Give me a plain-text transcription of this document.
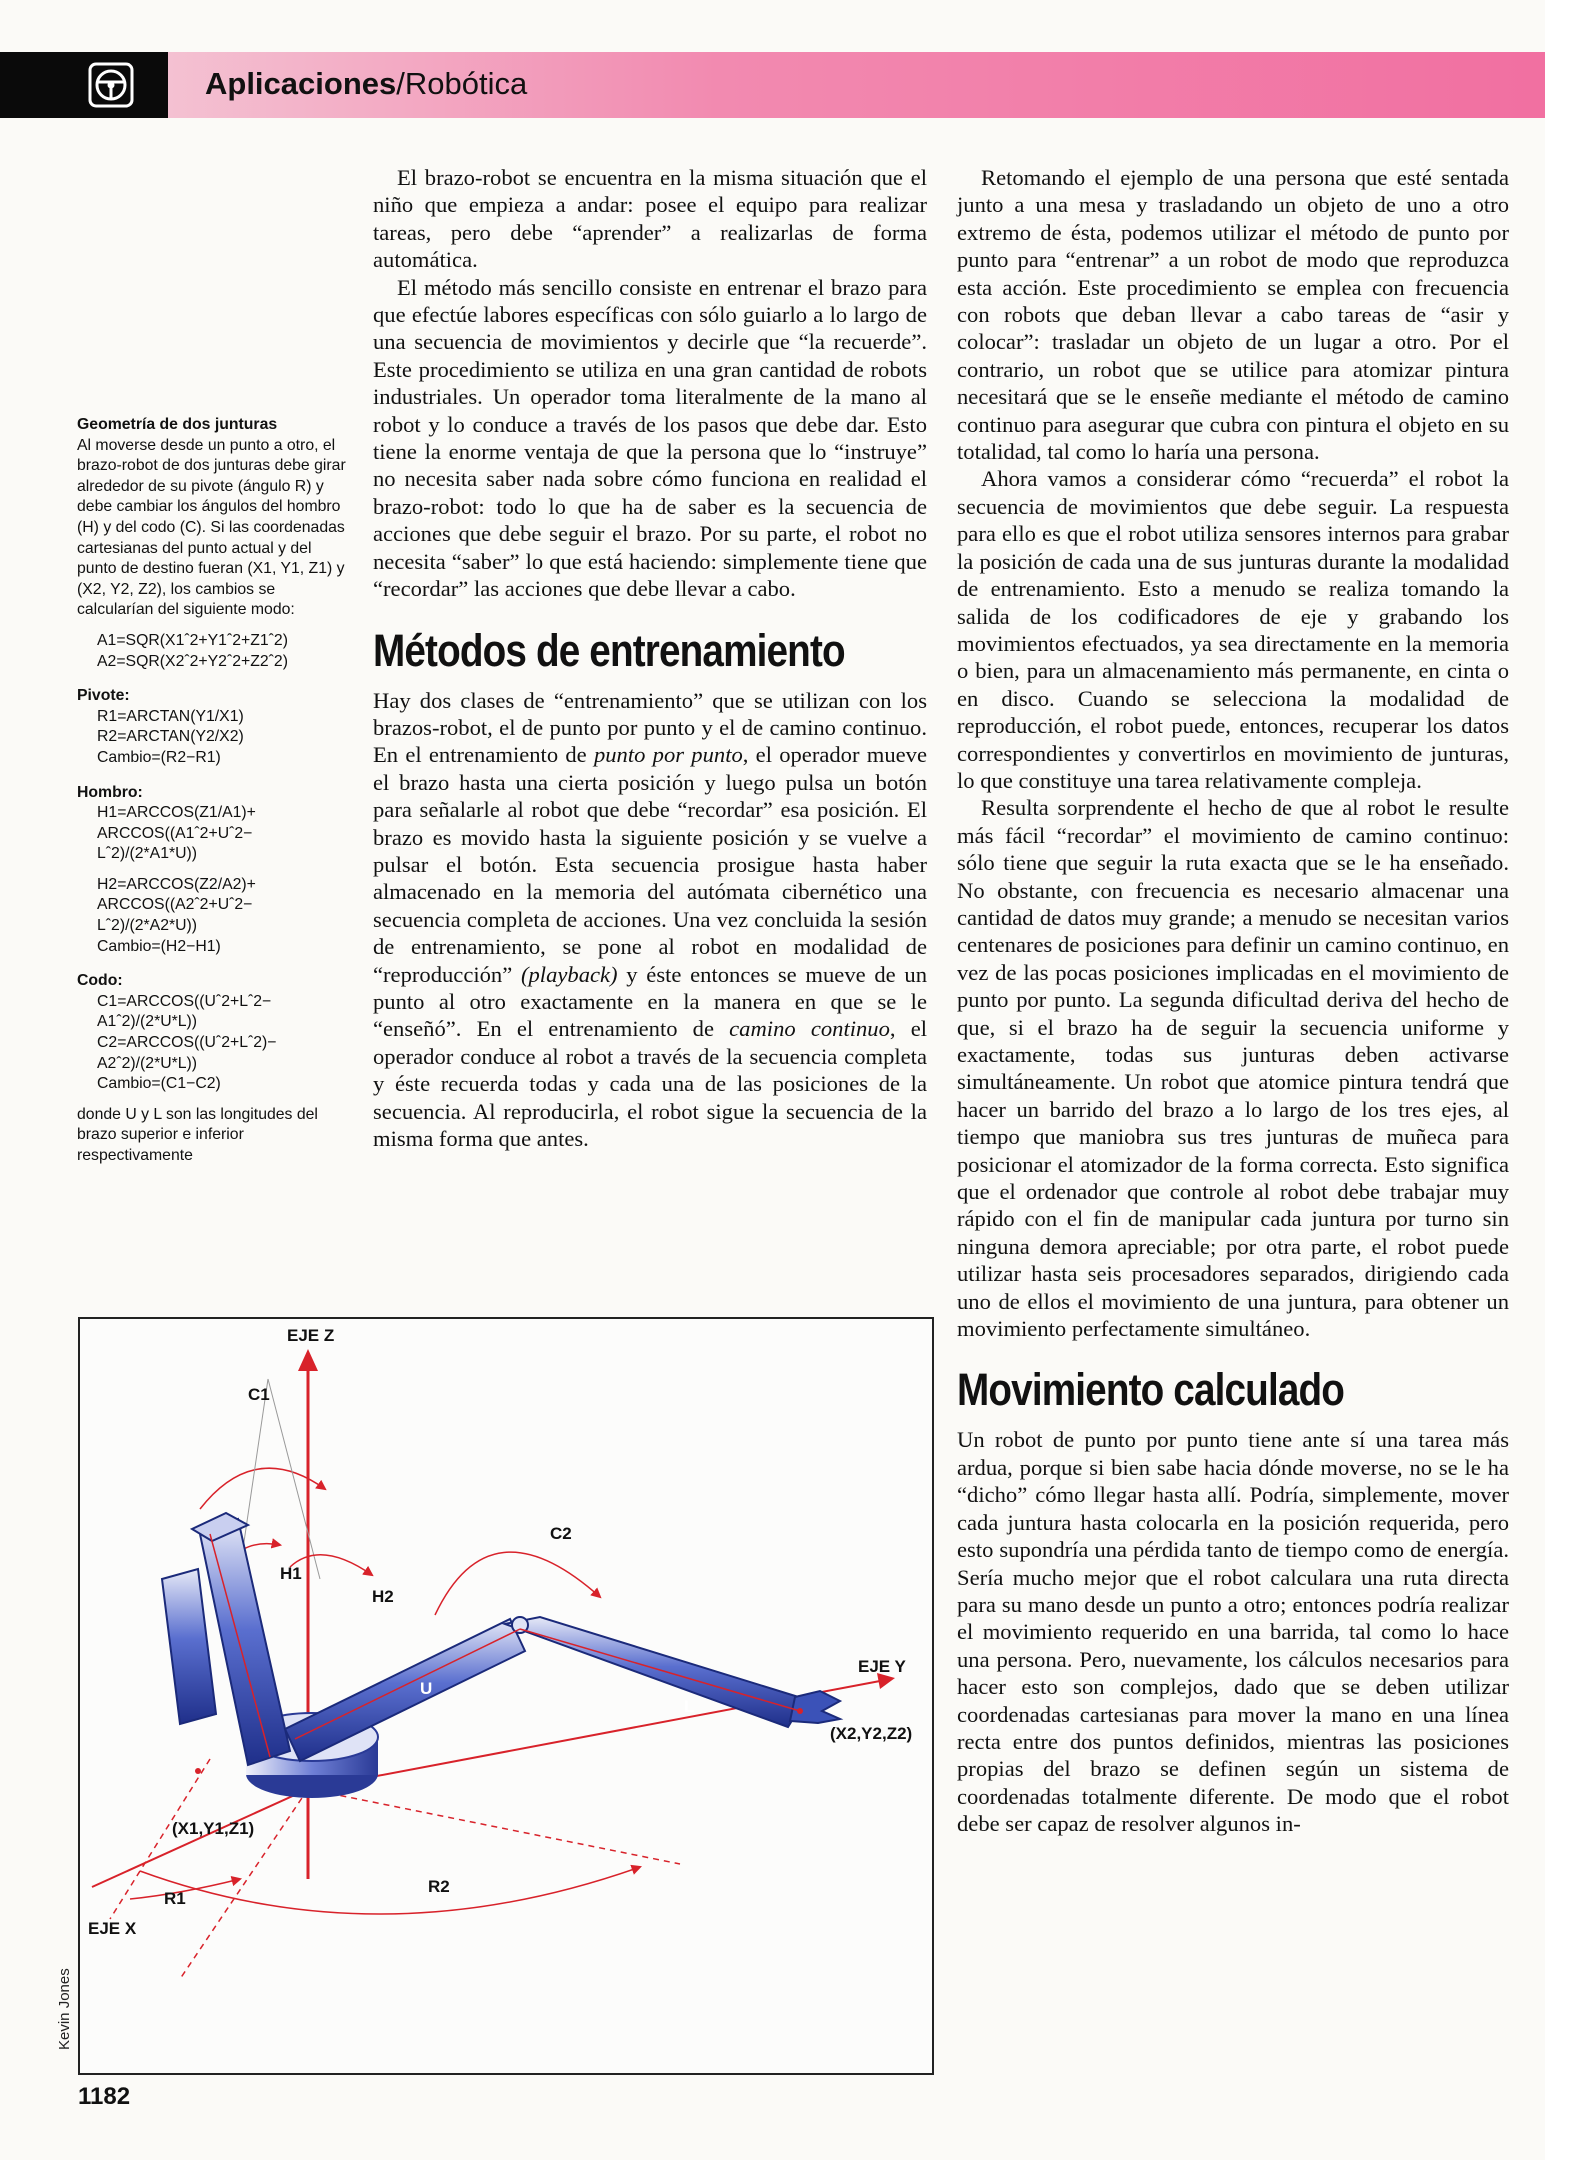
Aplicaciones/Robótica
Geometría de dos junturas
Al moverse desde un punto a otro, el brazo-robot de dos junturas debe girar alrededor de su pivote (ángulo R) y debe cambiar los ángulos del hombro (H) y del codo (C). Si las coordenadas cartesianas del punto actual y del punto de destino fueran (X1, Y1, Z1) y (X2, Y2, Z2), los cambios se calcularían del siguiente modo:
A1=SQR(X1ˆ2+Y1ˆ2+Z1ˆ2)
A2=SQR(X2ˆ2+Y2ˆ2+Z2ˆ2)
Pivote:
R1=ARCTAN(Y1/X1)
R2=ARCTAN(Y2/X2)
Cambio=(R2−R1)
Hombro:
H1=ARCCOS(Z1/A1)+
ARCCOS((A1ˆ2+Uˆ2−
Lˆ2)/(2*A1*U))
H2=ARCCOS(Z2/A2)+
ARCCOS((A2ˆ2+Uˆ2−
Lˆ2)/(2*A2*U))
Cambio=(H2−H1)
Codo:
C1=ARCCOS((Uˆ2+Lˆ2−
A1ˆ2)/(2*U*L))
C2=ARCCOS((Uˆ2+Lˆ2)−
A2ˆ2)/(2*U*L))
Cambio=(C1−C2)
donde U y L son las longitudes del brazo superior e inferior respectivamente

El brazo-robot se encuentra en la misma situación que el niño que empieza a andar: posee el equipo para realizar tareas, pero debe “aprender” a realizarlas de forma automática.

El método más sencillo consiste en entrenar el brazo para que efectúe labores específicas con sólo guiarlo a lo largo de una secuencia de movimientos y decirle que “la recuerde”. Este procedimiento se utiliza en una gran cantidad de robots industriales. Un operador toma literalmente de la mano al robot y lo conduce a través de los pasos que debe dar. Esto tiene la enorme ventaja de que la persona que lo “instruye” no necesita saber nada sobre cómo funciona en realidad el brazo-robot: todo lo que ha de saber es la secuencia de acciones que debe seguir el brazo. Por su parte, el robot no necesita “saber” lo que está haciendo: simplemente tiene que “recordar” las acciones que debe llevar a cabo.

Métodos de entrenamiento

Hay dos clases de “entrenamiento” que se utilizan con los brazos-robot, el de punto por punto y el de camino continuo. En el entrenamiento de punto por punto, el operador mueve el brazo hasta una cierta posición y luego pulsa un botón para señalarle al robot que debe “recordar” esa posición. El brazo es movido hasta la siguiente posición y se vuelve a pulsar el botón. Esta secuencia prosigue hasta haber almacenado en la memoria del autómata cibernético una secuencia completa de acciones. Una vez concluida la sesión de entrenamiento, se pone al robot en modalidad de “reproducción” (playback) y éste entonces se mueve de un punto al otro exactamente en la manera en que se le “enseñó”. En el entrenamiento de camino continuo, el operador conduce al robot a través de la secuencia completa y éste recuerda todas y cada una de las posiciones de la secuencia. Al reproducirla, el robot sigue la secuencia de la misma forma que antes.

Retomando el ejemplo de una persona que esté sentada junto a una mesa y trasladando un objeto de uno a otro extremo de ésta, podemos utilizar el método de punto por punto para “entrenar” a un robot de modo que reproduzca esta acción. Este procedimiento se emplea con frecuencia con robots que deban llevar a cabo tareas de “asir y colocar”: trasladar un objeto de un lugar a otro. Por el contrario, un robot que se utilice para atomizar pintura necesitará que se le enseñe mediante el método de camino continuo para asegurar que cubra con pintura el objeto en su totalidad, tal como lo haría una persona.

Ahora vamos a considerar cómo “recuerda” el robot la secuencia de movimientos que debe seguir. La respuesta para ello es que el robot utiliza sensores internos para grabar la posición de cada una de sus junturas durante la modalidad de entrenamiento. Esto a menudo se realiza tomando la salida de los codificadores de eje y grabando los movimientos efectuados, ya sea directamente en la memoria o bien, para un almacenamiento más permanente, en cinta o en disco. Cuando se selecciona la modalidad de reproducción, el robot puede, entonces, recuperar los datos correspondientes y convertirlos en movimiento de junturas, lo que constituye una tarea relativamente compleja.

Resulta sorprendente el hecho de que al robot le resulte más fácil “recordar” el movimiento de camino continuo: sólo tiene que seguir la ruta exacta que se le ha enseñado. No obstante, con frecuencia es necesario almacenar una cantidad de datos muy grande; a menudo se necesitan varios centenares de posiciones para definir un camino continuo, en vez de las pocas posiciones implicadas en el movimiento de punto por punto. La segunda dificultad deriva del hecho de que, si el brazo ha de seguir la secuencia uniforme y exactamente, todas sus junturas deben activarse simultáneamente. Un robot que atomice pintura tendrá que hacer un barrido del brazo a lo largo de los tres ejes, al tiempo que maniobra sus tres junturas de muñeca para posicionar el atomizador de la forma correcta. Esto significa que el ordenador que controle al robot debe trabajar muy rápido con el fin de manipular cada juntura por turno sin ninguna demora apreciable; por otra parte, el robot puede utilizar hasta seis procesadores separados, dirigiendo cada uno de ellos el movimiento de una juntura, para obtener un movimiento perfectamente simultáneo.

Movimiento calculado

Un robot de punto por punto tiene ante sí una tarea más ardua, porque si bien sabe hacia dónde moverse, no se le ha “dicho” cómo llegar hasta allí. Podría, simplemente, mover cada juntura hasta colocarla en la posición requerida, pero esto supondría una pérdida tanto de tiempo como de energía. Sería mucho mejor que el robot calculara una ruta directa para su mano desde un punto a otro; entonces podría realizar el movimiento requerido en una barrida, tal como lo hace una persona. Pero, nuevamente, los cálculos necesarios para hacer esto son complejos, dado que se deben utilizar coordenadas cartesianas para mover la mano en una línea recta entre dos puntos definidos, mientras las posiciones propias del brazo se definen según un sistema de coordenadas totalmente diferente. De modo que el robot debe ser capaz de resolver algunos in-

EJE Z
EJE Y
EJE X
C1
C2
H1
H2
R1
R2
U
L
(X1,Y1,Z1)
(X2,Y2,Z2)
Kevin Jones
1182
